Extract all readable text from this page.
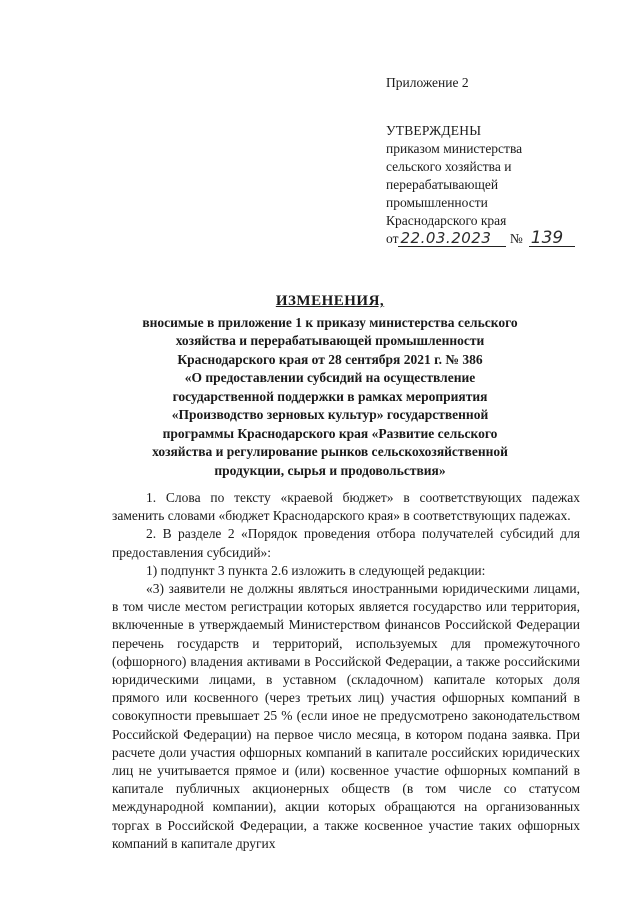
Приложение 2
УТВЕРЖДЕНЫ
приказом министерства
сельского хозяйства и
перерабатывающей
промышленности
Краснодарского края
от 22.03.2023 № 139
ИЗМЕНЕНИЯ,
вносимые в приложение 1 к приказу министерства сельского
хозяйства и перерабатывающей промышленности
Краснодарского края от 28 сентября 2021 г. № 386
«О предоставлении субсидий на осуществление
государственной поддержки в рамках мероприятия
«Производство зерновых культур» государственной
программы Краснодарского края «Развитие сельского
хозяйства и регулирование рынков сельскохозяйственной
продукции, сырья и продовольствия»

1. Слова по тексту «краевой бюджет» в соответствующих падежах заменить словами «бюджет Краснодарского края» в соответствующих падежах.

2. В разделе 2 «Порядок проведения отбора получателей субсидий для предоставления субсидий»:

1) подпункт 3 пункта 2.6 изложить в следующей редакции:

«3) заявители не должны являться иностранными юридическими лицами, в том числе местом регистрации которых является государство или территория, включенные в утверждаемый Министерством финансов Российской Федерации перечень государств и территорий, используемых для промежуточного (офшорного) владения активами в Российской Федерации, а также российскими юридическими лицами, в уставном (складочном) капитале которых доля прямого или косвенного (через третьих лиц) участия офшорных компаний в совокупности превышает 25 % (если иное не предусмотрено законодательством Российской Федерации) на первое число месяца, в котором подана заявка. При расчете доли участия офшорных компаний в капитале российских юридических лиц не учитывается прямое и (или) косвенное участие офшорных компаний в капитале публичных акционерных обществ (в том числе со статусом международной компании), акции которых обращаются на организованных торгах в Российской Федерации, а также косвенное участие таких офшорных компаний в капитале других
